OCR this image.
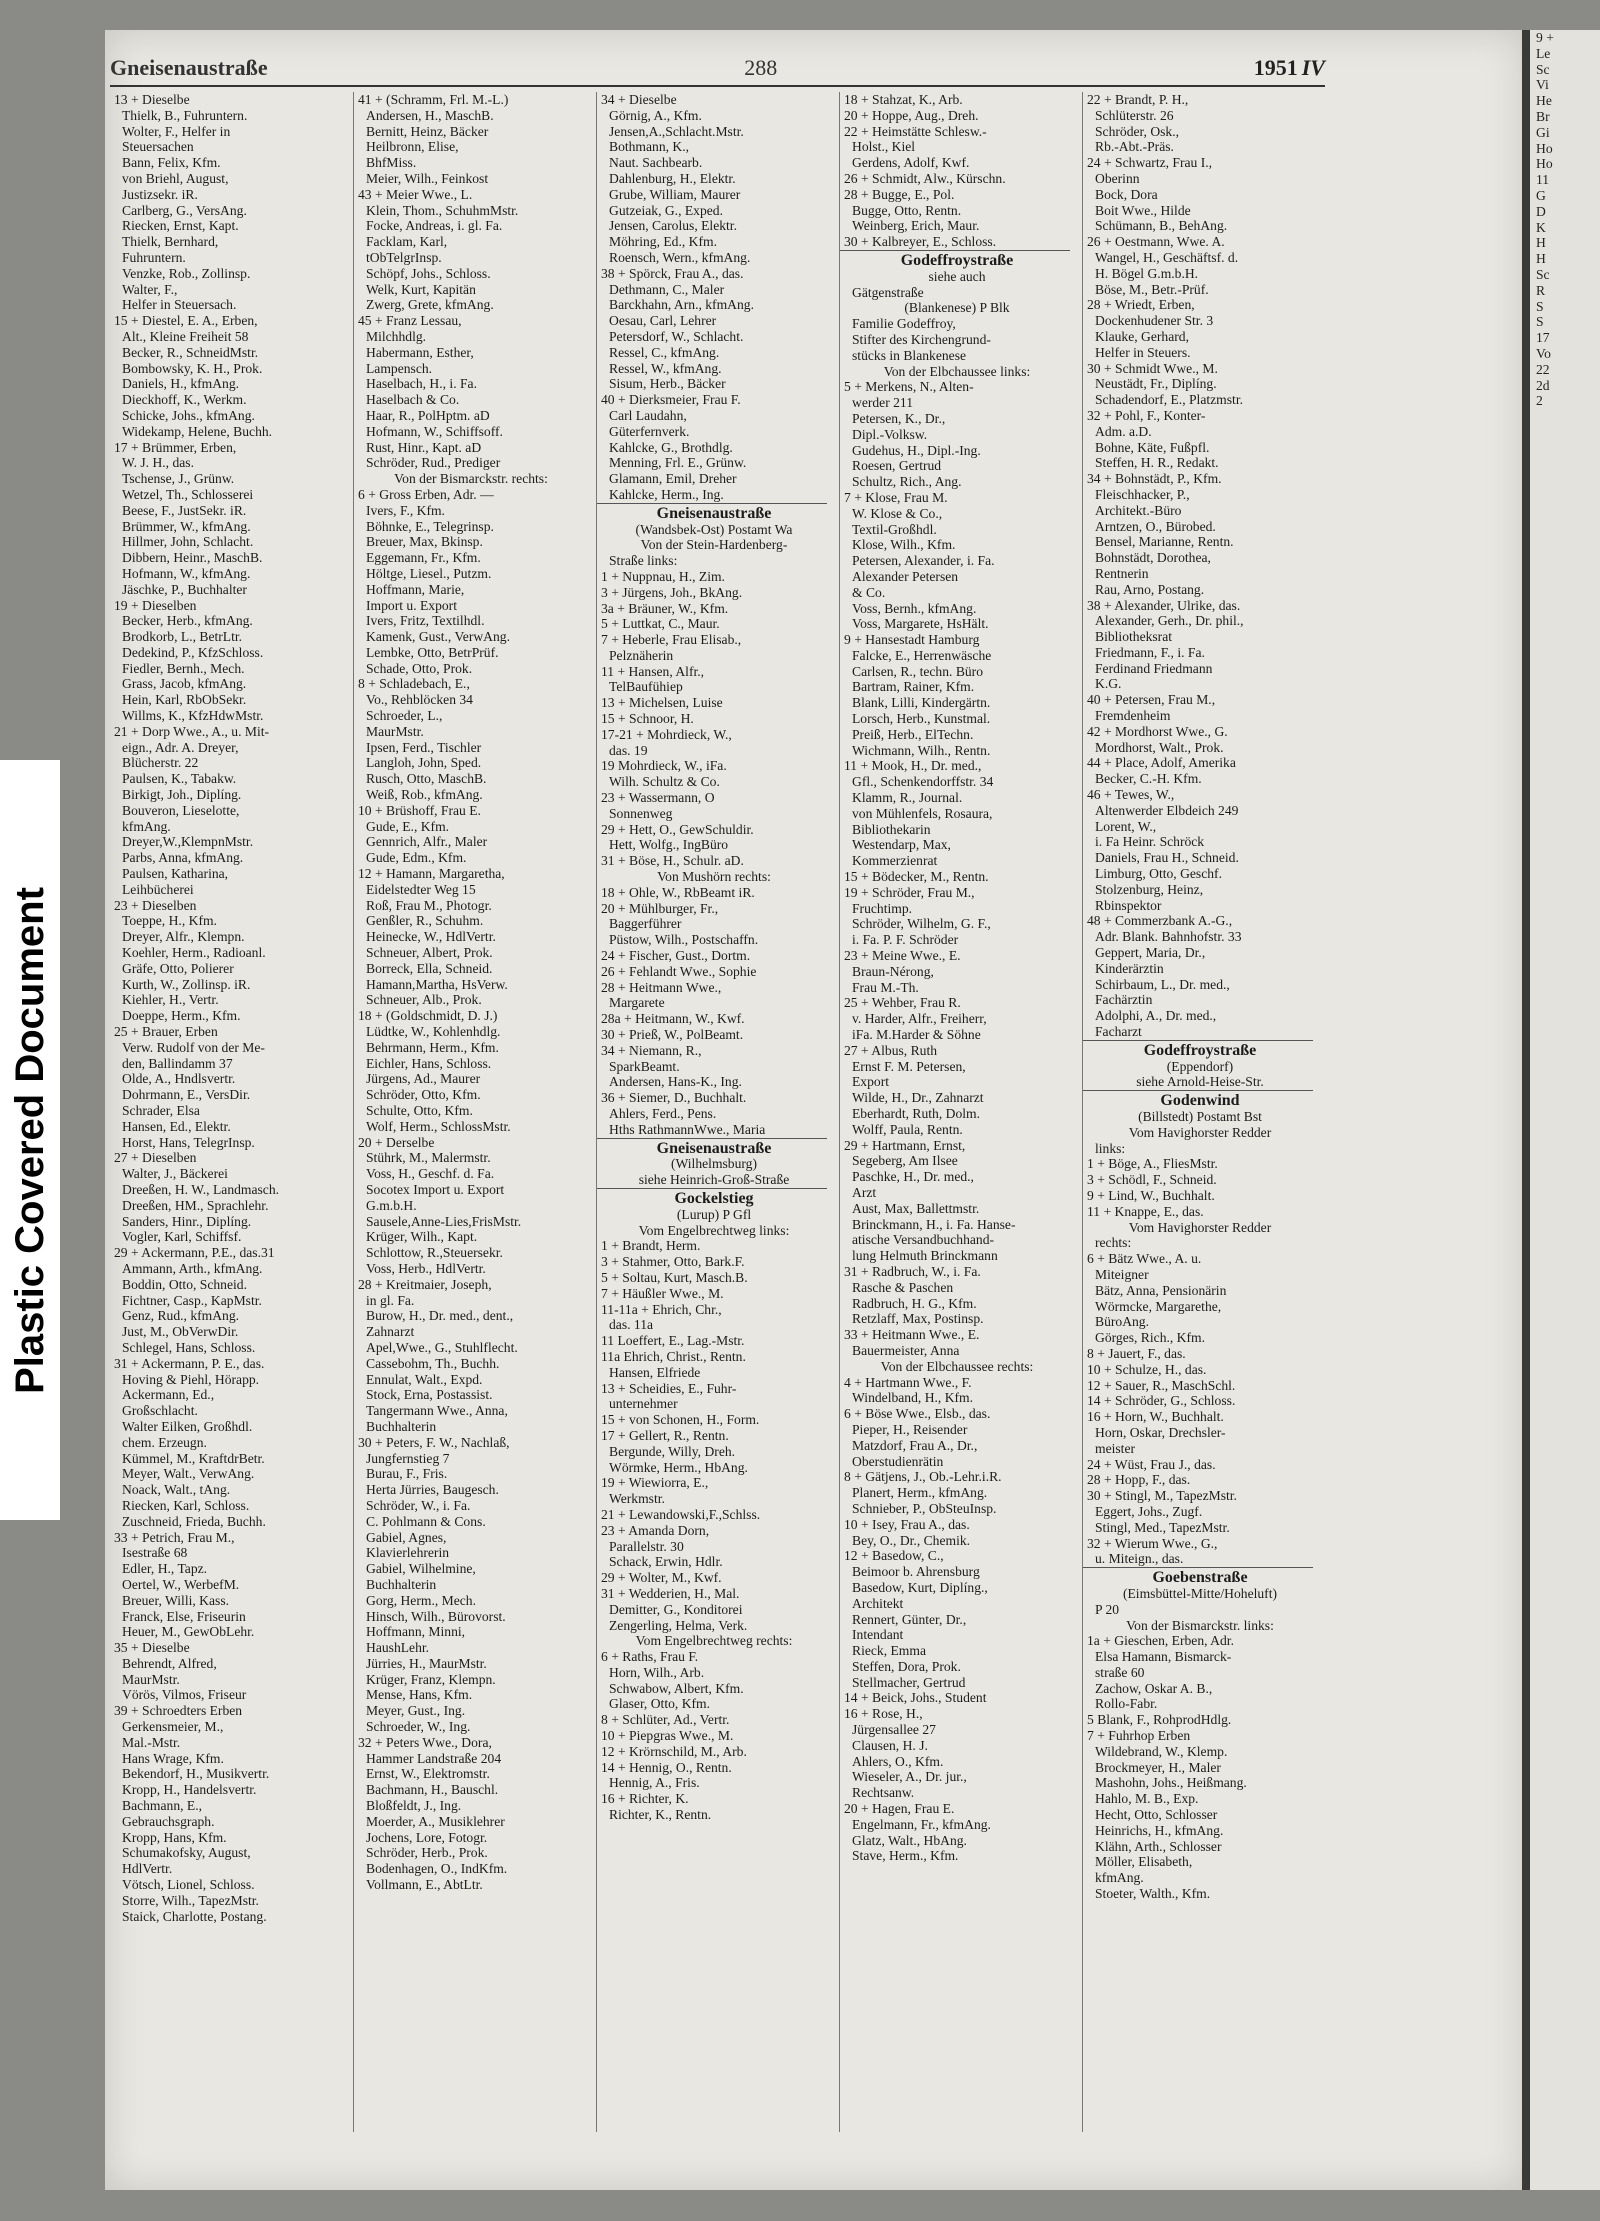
Gneisenaustraße	288	1951 IV
13 + Dieselbe
Thielk, B., Fuhruntern.
Wolter, F., Helfer in
Steuersachen
Bann, Felix, Kfm.
von Briehl, August,
Justizsekr. iR.
Carlberg, G., VersAng.
Riecken, Ernst, Kapt.
Thielk, Bernhard,
Fuhruntern.
Venzke, Rob., Zollinsp.
Walter, F.,
Helfer in Steuersach.
15 + Diestel, E. A., Erben,
Alt., Kleine Freiheit 58
Becker, R., SchneidMstr.
Bombowsky, K. H., Prok.
Daniels, H., kfmAng.
Dieckhoff, K., Werkm.
Schicke, Johs., kfmAng.
Widekamp, Helene, Buchh.
17 + Brümmer, Erben,
W. J. H., das.
Tschense, J., Grünw.
Wetzel, Th., Schlosserei
Beese, F., JustSekr. iR.
Brümmer, W., kfmAng.
Hillmer, John, Schlacht.
Dibbern, Heinr., MaschB.
Hofmann, W., kfmAng.
Jäschke, P., Buchhalter
19 + Dieselben
Becker, Herb., kfmAng.
Brodkorb, L., BetrLtr.
Dedekind, P., KfzSchloss.
Fiedler, Bernh., Mech.
Grass, Jacob, kfmAng.
Hein, Karl, RbObSekr.
Willms, K., KfzHdwMstr.
21 + Dorp Wwe., A., u. Mit-
eign., Adr. A. Dreyer,
Blücherstr. 22
Paulsen, K., Tabakw.
Birkigt, Joh., Diplíng.
Bouveron, Lieselotte,
kfmAng.
Dreyer,W.,KlempnMstr.
Parbs, Anna, kfmAng.
Paulsen, Katharina,
Leihbücherei
23 + Dieselben
Toeppe, H., Kfm.
Dreyer, Alfr., Klempn.
Koehler, Herm., Radioanl.
Gräfe, Otto, Polierer
Kurth, W., Zollinsp. iR.
Kiehler, H., Vertr.
Doeppe, Herm., Kfm.
25 + Brauer, Erben
Verw. Rudolf von der Me-
den, Ballindamm 37
Olde, A., Hndlsvertr.
Dohrmann, E., VersDir.
Schrader, Elsa
Hansen, Ed., Elektr.
Horst, Hans, TelegrInsp.
27 + Dieselben
Walter, J., Bäckerei
Dreeßen, H. W., Landmasch.
Dreeßen, HM., Sprachlehr.
Sanders, Hinr., Diplíng.
Vogler, Karl, Schiffsf.
29 + Ackermann, P.E., das.31
Ammann, Arth., kfmAng.
Boddin, Otto, Schneid.
Fichtner, Casp., KapMstr.
Genz, Rud., kfmAng.
Just, M., ObVerwDir.
Schlegel, Hans, Schloss.
31 + Ackermann, P. E., das.
Hoving & Piehl, Hörapp.
Ackermann, Ed.,
Großschlacht.
Walter Eilken, Großhdl.
chem. Erzeugn.
Kümmel, M., KraftdrBetr.
Meyer, Walt., VerwAng.
Noack, Walt., tAng.
Riecken, Karl, Schloss.
Zuschneid, Frieda, Buchh.
33 + Petrich, Frau M.,
Isestraße 68
Edler, H., Tapz.
Oertel, W., WerbefM.
Breuer, Willi, Kass.
Franck, Else, Friseurin
Heuer, M., GewObLehr.
35 + Dieselbe
Behrendt, Alfred,
MaurMstr.
Vörös, Vilmos, Friseur
39 + Schroedters Erben
Gerkensmeier, M.,
Mal.-Mstr.
Hans Wrage, Kfm.
Bekendorf, H., Musikvertr.
Kropp, H., Handelsvertr.
Bachmann, E.,
Gebrauchsgraph.
Kropp, Hans, Kfm.
Schumakofsky, August,
HdlVertr.
Vötsch, Lionel, Schloss.
Storre, Wilh., TapezMstr.
Staick, Charlotte, Postang.
41 + (Schramm, Frl. M.-L.)
Andersen, H., MaschB.
Bernitt, Heinz, Bäcker
Heilbronn, Elise,
BhfMiss.
Meier, Wilh., Feinkost
43 + Meier Wwe., L.
Klein, Thom., SchuhmMstr.
Focke, Andreas, i. gl. Fa.
Facklam, Karl,
tObTelgrInsp.
Schöpf, Johs., Schloss.
Welk, Kurt, Kapitän
Zwerg, Grete, kfmAng.
45 + Franz Lessau,
Milchhdlg.
Habermann, Esther,
Lampensch.
Haselbach, H., i. Fa.
Haselbach & Co.
Haar, R., PolHptm. aD
Hofmann, W., Schiffsoff.
Rust, Hinr., Kapt. aD
Schröder, Rud., Prediger
Von der Bismarckstr. rechts:
6 + Gross Erben, Adr. —
Ivers, F., Kfm.
Böhnke, E., Telegrinsp.
Breuer, Max, Bkinsp.
Eggemann, Fr., Kfm.
Höltge, Liesel., Putzm.
Hoffmann, Marie,
Import u. Export
Ivers, Fritz, Textilhdl.
Kamenk, Gust., VerwAng.
Lembke, Otto, BetrPrüf.
Schade, Otto, Prok.
8 + Schladebach, E.,
Vo., Rehblöcken 34
Schroeder, L.,
MaurMstr.
Ipsen, Ferd., Tischler
Langloh, John, Sped.
Rusch, Otto, MaschB.
Weiß, Rob., kfmAng.
10 + Brüshoff, Frau E.
Gude, E., Kfm.
Gennrich, Alfr., Maler
Gude, Edm., Kfm.
12 + Hamann, Margaretha,
Eidelstedter Weg 15
Roß, Frau M., Photogr.
Genßler, R., Schuhm.
Heinecke, W., HdlVertr.
Schneuer, Albert, Prok.
Borreck, Ella, Schneid.
Hamann,Martha, HsVerw.
Schneuer, Alb., Prok.
18 + (Goldschmidt, D. J.)
Lüdtke, W., Kohlenhdlg.
Behrmann, Herm., Kfm.
Eichler, Hans, Schloss.
Jürgens, Ad., Maurer
Schröder, Otto, Kfm.
Schulte, Otto, Kfm.
Wolf, Herm., SchlossMstr.
20 + Derselbe
Stührk, M., Malermstr.
Voss, H., Geschf. d. Fa.
Socotex Import u. Export
G.m.b.H.
Sausele,Anne-Lies,FrisMstr.
Krüger, Wilh., Kapt.
Schlottow, R.,Steuersekr.
Voss, Herb., HdlVertr.
28 + Kreitmaier, Joseph,
in gl. Fa.
Burow, H., Dr. med., dent.,
Zahnarzt
Apel,Wwe., G., Stuhlflecht.
Cassebohm, Th., Buchh.
Ennulat, Walt., Expd.
Stock, Erna, Postassist.
Tangermann Wwe., Anna,
Buchhalterin
30 + Peters, F. W., Nachlaß,
Jungfernstieg 7
Burau, F., Fris.
Herta Jürries, Baugesch.
Schröder, W., i. Fa.
C. Pohlmann & Cons.
Gabiel, Agnes,
Klavierlehrerin
Gabiel, Wilhelmine,
Buchhalterin
Gorg, Herm., Mech.
Hinsch, Wilh., Bürovorst.
Hoffmann, Minni,
HaushLehr.
Jürries, H., MaurMstr.
Krüger, Franz, Klempn.
Mense, Hans, Kfm.
Meyer, Gust., Ing.
Schroeder, W., Ing.
32 + Peters Wwe., Dora,
Hammer Landstraße 204
Ernst, W., Elektromstr.
Bachmann, H., Bauschl.
Bloßfeldt, J., Ing.
Moerder, A., Musiklehrer
Jochens, Lore, Fotogr.
Schröder, Herb., Prok.
Bodenhagen, O., IndKfm.
Vollmann, E., AbtLtr.
34 + Dieselbe
Görnig, A., Kfm.
Jensen,A.,Schlacht.Mstr.
Bothmann, K.,
Naut. Sachbearb.
Dahlenburg, H., Elektr.
Grube, William, Maurer
Gutzeiak, G., Exped.
Jensen, Carolus, Elektr.
Möhring, Ed., Kfm.
Roensch, Wern., kfmAng.
38 + Spörck, Frau A., das.
Dethmann, C., Maler
Barckhahn, Arn., kfmAng.
Oesau, Carl, Lehrer
Petersdorf, W., Schlacht.
Ressel, C., kfmAng.
Ressel, W., kfmAng.
Sisum, Herb., Bäcker
40 + Dierksmeier, Frau F.
Carl Laudahn,
Güterfernverk.
Kahlcke, G., Brothdlg.
Menning, Frl. E., Grünw.
Glamann, Emil, Dreher
Kahlcke, Herm., Ing.
Gneisenaustraße
(Wandsbek-Ost) Postamt Wa
Von der Stein-Hardenberg-
Straße links:
1 + Nuppnau, H., Zim.
3 + Jürgens, Joh., BkAng.
3a + Bräuner, W., Kfm.
5 + Luttkat, C., Maur.
7 + Heberle, Frau Elisab.,
Pelznäherin
11 + Hansen, Alfr.,
TelBaufühiер
13 + Michelsen, Luise
15 + Schnoor, H.
17-21 + Mohrdieck, W.,
das. 19
19 Mohrdieck, W., iFa.
Wilh. Schultz & Co.
23 + Wassermann, O
Sonnenweg
29 + Hett, O., GewSchuldir.
Hett, Wolfg., IngBüro
31 + Böse, H., Schulr. aD.
Von Mushörn rechts:
18 + Ohle, W., RbBeamt iR.
20 + Mühlburger, Fr.,
Baggerführer
Püstow, Wilh., Postschaffn.
24 + Fischer, Gust., Dortm.
26 + Fehlandt Wwe., Sophie
28 + Heitmann Wwe.,
Margarete
28a + Heitmann, W., Kwf.
30 + Prieß, W., PolBeamt.
34 + Niemann, R.,
SparkBeamt.
Andersen, Hans-K., Ing.
36 + Siemer, D., Buchhalt.
Ahlers, Ferd., Pens.
Hths RathmannWwe., Maria
Gneisenaustraße
(Wilhelmsburg)
siehe Heinrich-Groß-Straße
Gockelstieg
(Lurup) P Gfl
Vom Engelbrechtweg links:
1 + Brandt, Herm.
3 + Stahmer, Otto, Bark.F.
5 + Soltau, Kurt, Masch.B.
7 + Häußler Wwe., M.
11-11a + Ehrich, Chr.,
das. 11a
11 Loeffert, E., Lag.-Mstr.
11a Ehrich, Christ., Rentn.
Hansen, Elfriede
13 + Scheidies, E., Fuhr-
unternehmer
15 + von Schonen, H., Form.
17 + Gellert, R., Rentn.
Bergunde, Willy, Dreh.
Wörmke, Herm., HbAng.
19 + Wiewiorra, E.,
Werkmstr.
21 + Lewandowski,F.,Schlss.
23 + Amanda Dorn,
Parallelstr. 30
Schack, Erwin, Hdlr.
29 + Wolter, M., Kwf.
31 + Wedderien, H., Mal.
Demitter, G., Konditorei
Zengerling, Helma, Verk.
Vom Engelbrechtweg rechts:
6 + Raths, Frau F.
Horn, Wilh., Arb.
Schwabow, Albert, Kfm.
Glaser, Otto, Kfm.
8 + Schlüter, Ad., Vertr.
10 + Piepgras Wwe., M.
12 + Krörnschild, M., Arb.
14 + Hennig, O., Rentn.
Hennig, A., Fris.
16 + Richter, K.
Richter, K., Rentn.
18 + Stahzat, K., Arb.
20 + Hoppe, Aug., Dreh.
22 + Heimstätte Schlesw.-
Holst., Kiel
Gerdens, Adolf, Kwf.
26 + Schmidt, Alw., Kürschn.
28 + Bugge, E., Pol.
Bugge, Otto, Rentn.
Weinberg, Erich, Maur.
30 + Kalbreyer, E., Schloss.
Godeffroystraße
siehe auch
Gätgenstraße
(Blankenese) P Blk
Familie Godeffroy,
Stifter des Kirchengrund-
stücks in Blankenese
Von der Elbchaussee links:
5 + Merkens, N., Alten-
werder 211
Petersen, K., Dr.,
Dipl.-Volksw.
Gudehus, H., Dipl.-Ing.
Roesen, Gertrud
Schultz, Rich., Ang.
7 + Klose, Frau M.
W. Klose & Co.,
Textil-Großhdl.
Klose, Wilh., Kfm.
Petersen, Alexander, i. Fa.
Alexander Petersen
& Co.
Voss, Bernh., kfmAng.
Voss, Margarete, HsHält.
9 + Hansestadt Hamburg
Falcke, E., Herrenwäsche
Carlsen, R., techn. Büro
Bartram, Rainer, Kfm.
Blank, Lilli, Kindergärtn.
Lorsch, Herb., Kunstmal.
Preiß, Herb., ElTechn.
Wichmann, Wilh., Rentn.
11 + Mook, H., Dr. med.,
Gfl., Schenkendorffstr. 34
Klamm, R., Journal.
von Mühlenfels, Rosaura,
Bibliothekarin
Westendarp, Max,
Kommerzienrat
15 + Bödecker, M., Rentn.
19 + Schröder, Frau M.,
Fruchtimp.
Schröder, Wilhelm, G. F.,
i. Fa. P. F. Schröder
23 + Meine Wwe., E.
Braun-Nérong,
Frau M.-Th.
25 + Wehber, Frau R.
v. Harder, Alfr., Freiherr,
iFa. M.Harder & Söhne
27 + Albus, Ruth
Ernst F. M. Petersen,
Export
Wilde, H., Dr., Zahnarzt
Eberhardt, Ruth, Dolm.
Wolff, Paula, Rentn.
29 + Hartmann, Ernst,
Segeberg, Am Ilsee
Paschke, H., Dr. med.,
Arzt
Aust, Max, Ballettmstr.
Brinckmann, H., i. Fa. Hanse-
atische Versandbuchhand-
lung Helmuth Brinckmann
31 + Radbruch, W., i. Fa.
Rasche & Paschen
Radbruch, H. G., Kfm.
Retzlaff, Max, Postinsp.
33 + Heitmann Wwe., E.
Bauermeister, Anna
Von der Elbchaussee rechts:
4 + Hartmann Wwe., F.
Windelband, H., Kfm.
6 + Böse Wwe., Elsb., das.
Pieper, H., Reisender
Matzdorf, Frau A., Dr.,
Oberstudienrätin
8 + Gätjens, J., Ob.-Lehr.i.R.
Planert, Herm., kfmAng.
Schnieber, P., ObSteuInsp.
10 + Isey, Frau A., das.
Bey, O., Dr., Chemik.
12 + Basedow, C.,
Beimoor b. Ahrensburg
Basedow, Kurt, Diplíng.,
Architekt
Rennert, Günter, Dr.,
Intendant
Rieck, Emma
Steffen, Dora, Prok.
Stellmacher, Gertrud
14 + Beick, Johs., Student
16 + Rose, H.,
Jürgensallee 27
Clausen, H. J.
Ahlers, O., Kfm.
Wieseler, A., Dr. jur.,
Rechtsanw.
20 + Hagen, Frau E.
Engelmann, Fr., kfmAng.
Glatz, Walt., HbAng.
Stave, Herm., Kfm.
22 + Brandt, P. H.,
Schlüterstr. 26
Schröder, Osk.,
Rb.-Abt.-Präs.
24 + Schwartz, Frau I.,
Oberinn
Bock, Dora
Boit Wwe., Hilde
Schümann, B., BehAng.
26 + Oestmann, Wwe. A.
Wangel, H., Geschäftsf. d.
H. Bögel G.m.b.H.
Böse, M., Betr.-Prüf.
28 + Wriedt, Erben,
Dockenhudener Str. 3
Klauke, Gerhard,
Helfer in Steuers.
30 + Schmidt Wwe., M.
Neustädt, Fr., Diplíng.
Schadendorf, E., Platzmstr.
32 + Pohl, F., Konter-
Adm. a.D.
Bohne, Käte, Fußpfl.
Steffen, H. R., Redakt.
34 + Bohnstädt, P., Kfm.
Fleischhacker, P.,
Architekt.-Büro
Arntzen, O., Bürobed.
Bensel, Marianne, Rentn.
Bohnstädt, Dorothea,
Rentnerin
Rau, Arno, Postang.
38 + Alexander, Ulrike, das.
Alexander, Gerh., Dr. phil.,
Bibliotheksrat
Friedmann, F., i. Fa.
Ferdinand Friedmann
K.G.
40 + Petersen, Frau M.,
Fremdenheim
42 + Mordhorst Wwe., G.
Mordhorst, Walt., Prok.
44 + Place, Adolf, Amerika
Becker, C.-H. Kfm.
46 + Tewes, W.,
Altenwerder Elbdeich 249
Lorent, W.,
i. Fa Heinr. Schröck
Daniels, Frau H., Schneid.
Limburg, Otto, Geschf.
Stolzenburg, Heinz,
Rbinspektor
48 + Commerzbank A.-G.,
Adr. Blank. Bahnhofstr. 33
Geppert, Maria, Dr.,
Kinderärztin
Schirbaum, L., Dr. med.,
Fachärztin
Adolphi, A., Dr. med.,
Facharzt
Godeffroystraße
(Eppendorf)
siehe Arnold-Heise-Str.
Godenwind
(Billstedt) Postamt Bst
Vom Havighorster Redder
links:
1 + Böge, A., FliesMstr.
3 + Schödl, F., Schneid.
9 + Lind, W., Buchhalt.
11 + Knappe, E., das.
Vom Havighorster Redder
rechts:
6 + Bätz Wwe., A. u.
Miteigner
Bätz, Anna, Pensionärin
Wörmcke, Margarethe,
BüroAng.
Görges, Rich., Kfm.
8 + Jauert, F., das.
10 + Schulze, H., das.
12 + Sauer, R., MaschSchl.
14 + Schröder, G., Schloss.
16 + Horn, W., Buchhalt.
Horn, Oskar, Drechsler-
meister
24 + Wüst, Frau J., das.
28 + Hopp, F., das.
30 + Stingl, M., TapezMstr.
Eggert, Johs., Zugf.
Stingl, Med., TapezMstr.
32 + Wierum Wwe., G.,
u. Miteign., das.
Goebenstraße
(Eimsbüttel-Mitte/Hoheluft)
P 20
Von der Bismarckstr. links:
1a + Gieschen, Erben, Adr.
Elsa Hamann, Bismarck-
straße 60
Zachow, Oskar A. B.,
Rollo-Fabr.
5 Blank, F., RohprodHdlg.
7 + Fuhrhop Erben
Wildebrand, W., Klemp.
Brockmeyer, H., Maler
Mashohn, Johs., Heißmang.
Hahlo, M. B., Exp.
Hecht, Otto, Schlosser
Heinrichs, H., kfmAng.
Klähn, Arth., Schlosser
Möller, Elisabeth,
kfmAng.
Stoeter, Walth., Kfm.
9 +
Le
Sc
Vi
He
Br
Gi
Ho
Ho
11
G
D
K
H
H
Sc
R
S
S
17
Vo
22
2d
2
Plastic Covered Document
